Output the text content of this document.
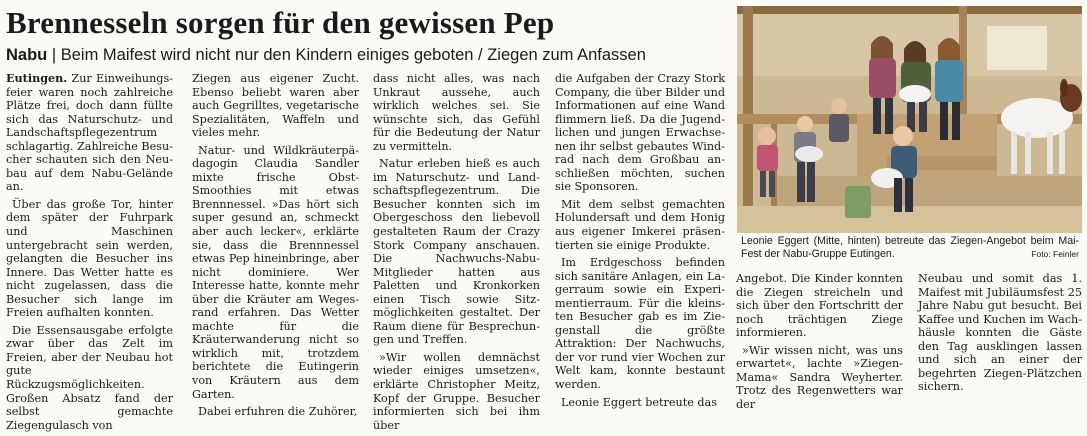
Brennesseln sorgen für den gewissen Pep
Nabu | Beim Maifest wird nicht nur den Kindern einiges geboten / Ziegen zum Anfassen

Eutingen. Zur Einweihungsfeier waren noch zahlreiche Plätze frei, doch dann füllte sich das Naturschutz- und Landschaftspflegezentrum schlagartig. Zahlreiche Besucher schauten sich den Neubau auf dem Nabu-Gelände an.

Über das große Tor, hinter dem später der Fuhrpark und Maschinen untergebracht sein werden, gelangten die Besucher ins Innere. Das Wetter hatte es nicht zugelassen, dass die Besucher sich lange im Freien aufhalten konnten.

Die Essensausgabe erfolgte zwar über das Zelt im Freien, aber der Neubau hot gute Rückzugsmöglichkeiten. Großen Absatz fand der selbst gemachte Ziegengulasch von

Ziegen aus eigener Zucht. Ebenso beliebt waren aber auch Gegrilltes, vegetarische Spezialitäten, Waffeln und vieles mehr.

Natur- und Wildkräuterpädagogin Claudia Sandler mixte frische Obst-Smoothies mit etwas Brennnessel. »Das hört sich super gesund an, schmeckt aber auch lecker«, erklärte sie, dass die Brennnessel etwas Pep hineinbringe, aber nicht dominiere. Wer Interesse hatte, konnte mehr über die Kräuter am Wegesrand erfahren. Das Wetter machte für die Kräuterwanderung nicht so wirklich mit, trotzdem berichtete die Eutingerin von Kräutern aus dem Garten.

Dabei erfuhren die Zuhörer,

dass nicht alles, was nach Unkraut aussehe, auch wirklich welches sei. Sie wünschte sich, das Gefühl für die Bedeutung der Natur zu vermitteln.

Natur erleben hieß es auch im Naturschutz- und Landschaftspflegezentrum. Die Besucher konnten sich im Obergeschoss den liebevoll gestalteten Raum der Crazy Stork Company anschauen. Die Nachwuchs-Nabu-Mitglieder hatten aus Paletten und Kronkorken einen Tisch sowie Sitzmöglichkeiten gestaltet. Der Raum diene für Besprechungen und Treffen.

»Wir wollen demnächst wieder einiges umsetzen«, erklärte Christopher Meitz, Kopf der Gruppe. Besucher informierten sich bei ihm über

die Aufgaben der Crazy Stork Company, die über Bilder und Informationen auf eine Wand flimmern ließ. Da die Jugendlichen und jungen Erwachsenen ihr selbst gebautes Windrad nach dem Großbau anschließen möchten, suchen sie Sponsoren.

Mit dem selbst gemachten Holundersaft und dem Honig aus eigener Imkerei präsentierten sie einige Produkte.

Im Erdgeschoss befinden sich sanitäre Anlagen, ein Lagerraum sowie ein Experimentierraum. Für die kleinsten Besucher gab es im Ziegenstall die größte Attraktion: Der Nachwuchs, der vor rund vier Wochen zur Welt kam, konnte bestaunt werden.

Leonie Eggert betreute das

Leonie Eggert (Mitte, hinten) betreute das Ziegen-Angebot beim Mai-Fest der Nabu-Gruppe Eutingen.	Foto: Feinler

Angebot. Die Kinder konnten die Ziegen streicheln und sich über den Fortschritt der noch trächtigen Ziege informieren.

»Wir wissen nicht, was uns erwartet«, lachte »Ziegen-Mama« Sandra Weyherter. Trotz des Regenwetters war der

Neubau und somit das 1. Maifest mit Jubiläumsfest 25 Jahre Nabu gut besucht. Bei Kaffee und Kuchen im Wachhäusle konnten die Gäste den Tag ausklingen lassen und sich an einer der begehrten Ziegen-Plätzchen sichern.
